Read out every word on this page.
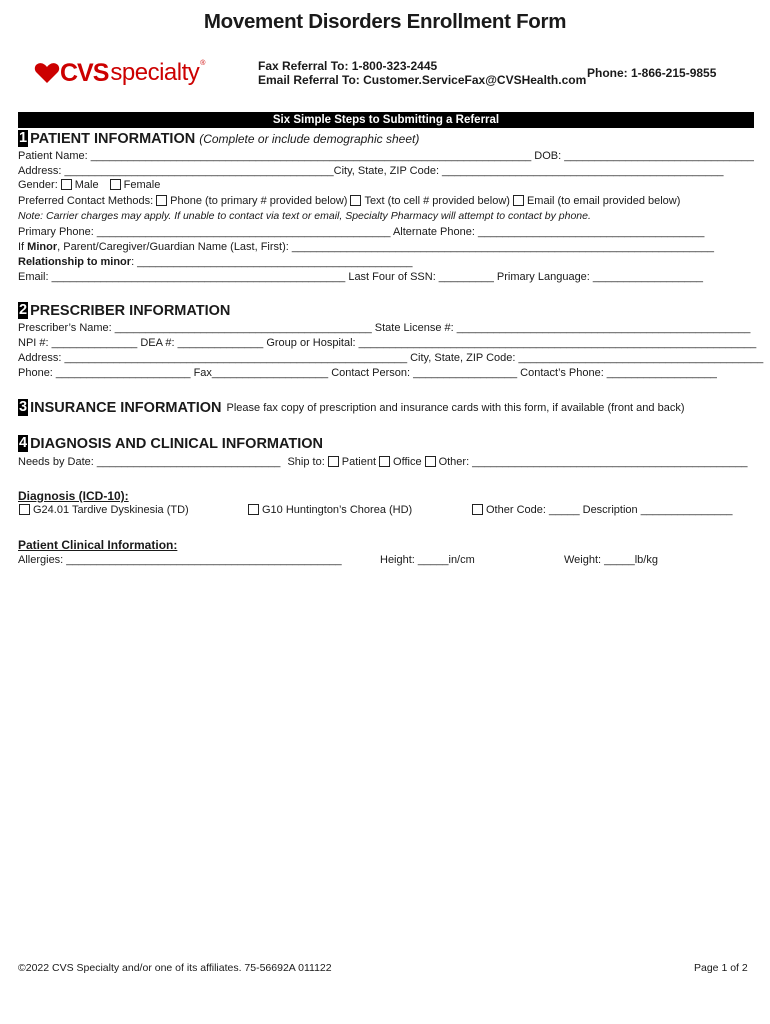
Movement Disorders Enrollment Form
CVS specialty ®	Fax Referral To: 1-800-323-2445
Email Referral To: Customer.ServiceFax@CVSHealth.com Phone: 1-866-215-9855
Six Simple Steps to Submitting a Referral
1 PATIENT INFORMATION (Complete or include demographic sheet)
Patient Name: ________________________________________________________________________ DOB: _______________________________
Address: ____________________________________________City, State, ZIP Code: ______________________________________________
Gender: Male Female
Preferred Contact Methods: Phone (to primary # provided below) Text (to cell # provided below) Email (to email provided below)
Note: Carrier charges may apply. If unable to contact via text or email, Specialty Pharmacy will attempt to contact by phone.
Primary Phone: ________________________________________________ Alternate Phone: _____________________________________
If Minor, Parent/Caregiver/Guardian Name (Last, First): _____________________________________________________________________
Relationship to minor: _____________________________________________
Email: ________________________________________________ Last Four of SSN: _________ Primary Language: __________________
2 PRESCRIBER INFORMATION
Prescriber’s Name: __________________________________________ State License #: ________________________________________________
NPI #: ______________ DEA #: ______________ Group or Hospital: _________________________________________________________________
Address: ________________________________________________________ City, State, ZIP Code: ________________________________________
Phone: ______________________ Fax___________________ Contact Person: _________________ Contact’s Phone: __________________
3 INSURANCE INFORMATION Please fax copy of prescription and insurance cards with this form, if available (front and back)
4 DIAGNOSIS AND CLINICAL INFORMATION
Needs by Date: ______________________________ Ship to: Patient Office Other: _____________________________________________
Diagnosis (ICD-10):
G24.01 Tardive Dyskinesia (TD)	G10 Huntington’s Chorea (HD)	Other Code: _____ Description _______________
Patient Clinical Information:
Allergies: _____________________________________________	Height: _____in/cm	Weight: _____lb/kg
©2022 CVS Specialty and/or one of its affiliates. 75-56692A 011122	Page 1 of 2
